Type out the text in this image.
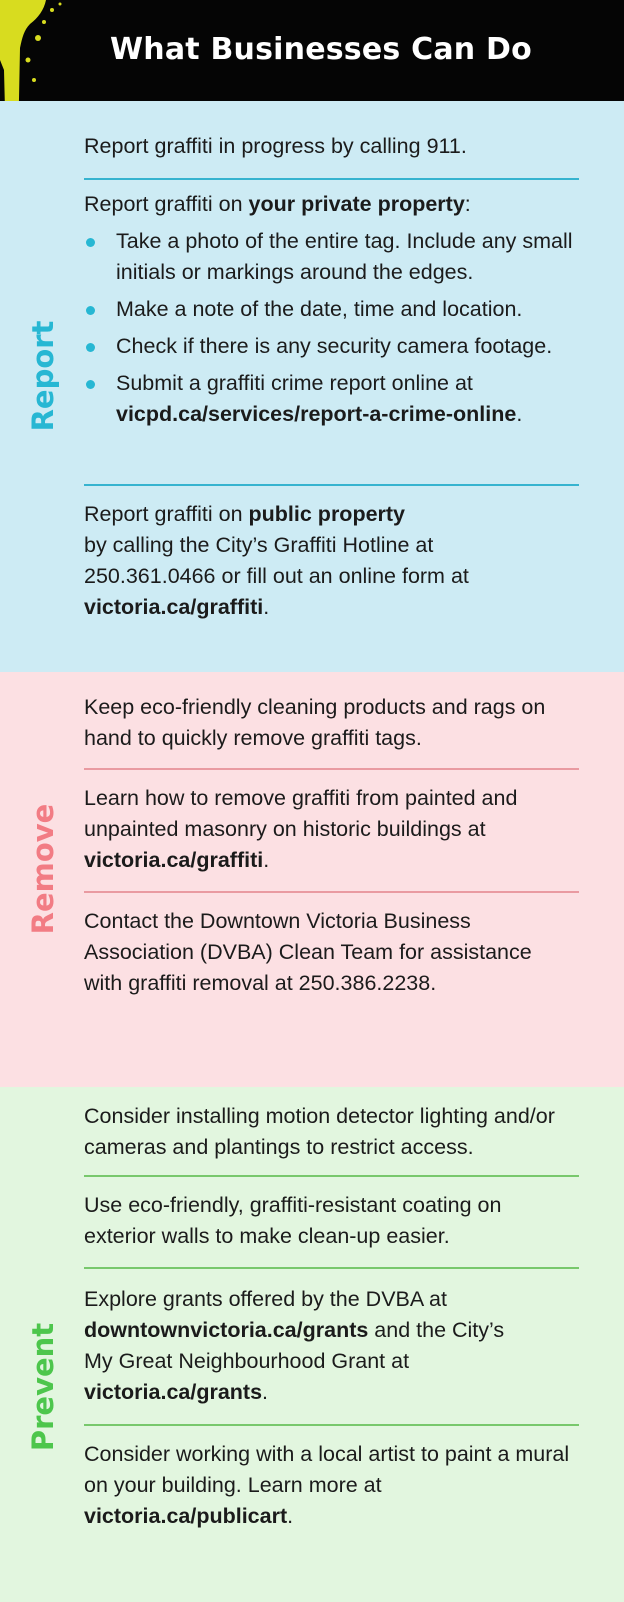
What Businesses Can Do
Report
Report graffiti in progress by calling 911.
Report graffiti on your private property:
Take a photo of the entire tag. Include any small initials or markings around the edges.
Make a note of the date, time and location.
Check if there is any security camera footage.
Submit a graffiti crime report online at vicpd.ca/services/report-a-crime-online.
Report graffiti on public property
by calling the City’s Graffiti Hotline at 250.361.0466 or fill out an online form at victoria.ca/graffiti.
Remove
Keep eco-friendly cleaning products and rags on hand to quickly remove graffiti tags.
Learn how to remove graffiti from painted and unpainted masonry on historic buildings at victoria.ca/graffiti.
Contact the Downtown Victoria Business Association (DVBA) Clean Team for assistance with graffiti removal at 250.386.2238.
Prevent
Consider installing motion detector lighting and/or cameras and plantings to restrict access.
Use eco-friendly, graffiti-resistant coating on exterior walls to make clean-up easier.
Explore grants offered by the DVBA at downtownvictoria.ca/grants and the City’s My Great Neighbourhood Grant at victoria.ca/grants.
Consider working with a local artist to paint a mural on your building. Learn more at victoria.ca/publicart.
